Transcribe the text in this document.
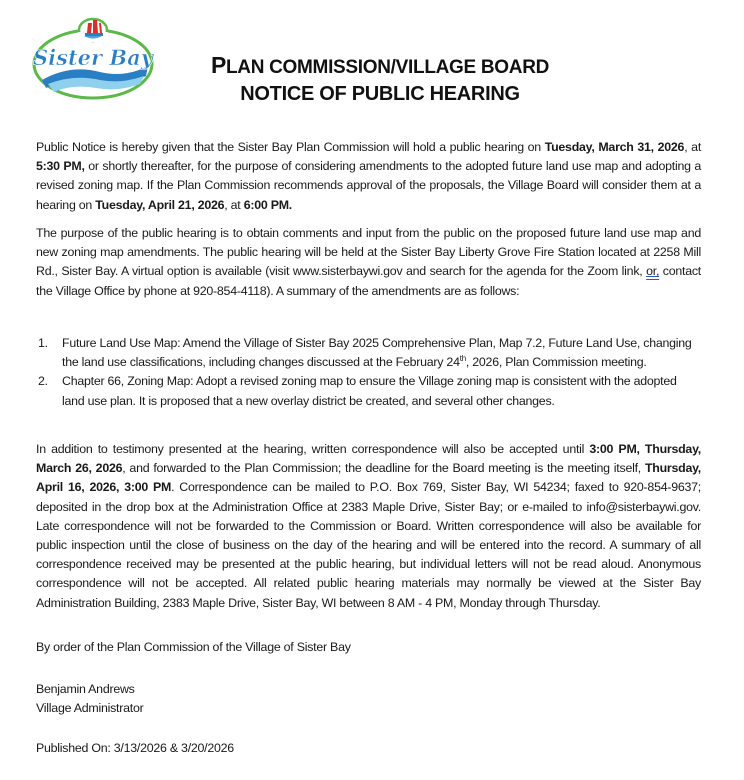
Sister Bay	PLAN COMMISSION/VILLAGE BOARD
NOTICE OF PUBLIC HEARING
Public Notice is hereby given that the Sister Bay Plan Commission will hold a public hearing on Tuesday, March 31, 2026, at 5:30 PM, or shortly thereafter, for the purpose of considering amendments to the adopted future land use map and adopting a revised zoning map. If the Plan Commission recommends approval of the proposals, the Village Board will consider them at a hearing on Tuesday, April 21, 2026, at 6:00 PM.
The purpose of the public hearing is to obtain comments and input from the public on the proposed future land use map and new zoning map amendments. The public hearing will be held at the Sister Bay Liberty Grove Fire Station located at 2258 Mill Rd., Sister Bay. A virtual option is available (visit www.sisterbaywi.gov and search for the agenda for the Zoom link, or, contact the Village Office by phone at 920-854-4118). A summary of the amendments are as follows:
1. Future Land Use Map: Amend the Village of Sister Bay 2025 Comprehensive Plan, Map 7.2, Future Land Use, changing the land use classifications, including changes discussed at the February 24th, 2026, Plan Commission meeting.
2. Chapter 66, Zoning Map: Adopt a revised zoning map to ensure the Village zoning map is consistent with the adopted land use plan. It is proposed that a new overlay district be created, and several other changes.
In addition to testimony presented at the hearing, written correspondence will also be accepted until 3:00 PM, Thursday, March 26, 2026, and forwarded to the Plan Commission; the deadline for the Board meeting is the meeting itself, Thursday, April 16, 2026, 3:00 PM. Correspondence can be mailed to P.O. Box 769, Sister Bay, WI 54234; faxed to 920-854-9637; deposited in the drop box at the Administration Office at 2383 Maple Drive, Sister Bay; or e-mailed to info@sisterbaywi.gov. Late correspondence will not be forwarded to the Commission or Board. Written correspondence will also be available for public inspection until the close of business on the day of the hearing and will be entered into the record. A summary of all correspondence received may be presented at the public hearing, but individual letters will not be read aloud. Anonymous correspondence will not be accepted. All related public hearing materials may normally be viewed at the Sister Bay Administration Building, 2383 Maple Drive, Sister Bay, WI between 8 AM - 4 PM, Monday through Thursday.
By order of the Plan Commission of the Village of Sister Bay
Benjamin Andrews
Village Administrator
Published On: 3/13/2026 & 3/20/2026
